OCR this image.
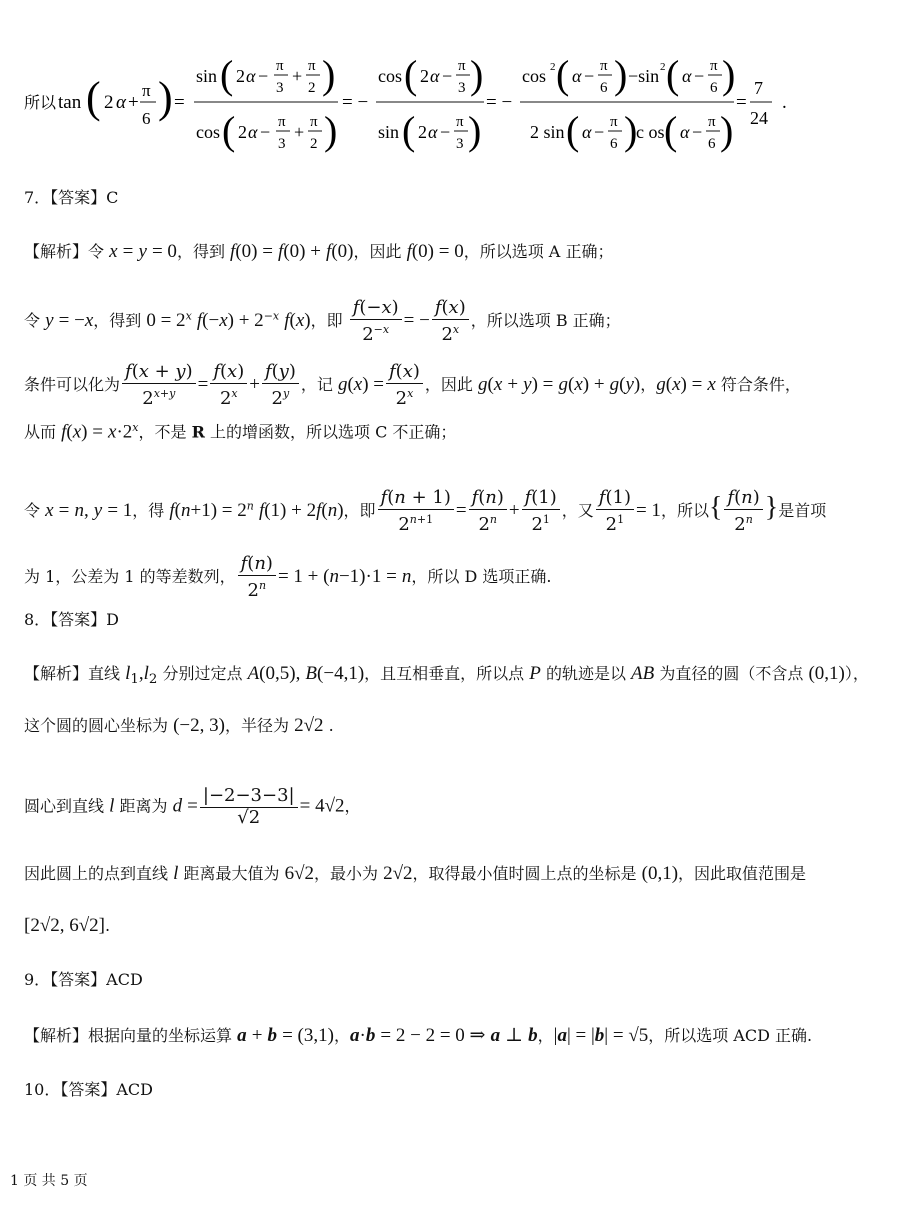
所以 tan ( 2 α +
π
6 ) =
sin ( 2 α − π
3
+ π
2 )
cos ( 2 α − π
3
+ π
2 )
= −
cos ( 2 α − π
3 )
sin ( 2 α − π
3 )
= −
cos 2 ( α − π
6 ) −sin 2 ( α − π
6 )
2 sin ( α − π
6 )
c os ( α − π
6 )
=
7
24
.
7．【答案】C
【解析】令 x = y = 0，得到 f(0) = f(0) + f(0)，因此 f(0) = 0，所以选项 A 正确；
令 y = −x，得到 $0 = 2^x$ $f(-x) + 2^{-x}$ f(x)，即 $\frac{f(-x)}{2^{-x}}$ = − $\frac{f(x)}{2^x}$ ，所以选项 B 正确；
条件可以化为 $\frac{f(x + y)}{2^{x+y}} = \frac{f(x)}{2^x} + \frac{f(y)}{2^y}$ ，记 $g(x) = \frac{f(x)}{2^x}$ ，因此 g(x + y) = g(x) + g(y)，g(x) = x 符合条件，
从而 $f(x) = x\cdot 2^x$，不是 R 上的增函数，所以选项 C 不正确；
令 x = n, y = 1，得 $f(n+1) = 2^n$ f(1) + 2f(n)，即 $\frac{f(n + 1)}{2^{n+1}} = \frac{f(n)}{2^n} + \frac{f(1)}{2^1}$ ，又 $\frac{f(1)}{2^1} = 1$，所以{ $\frac{f(n)}{2^n}$ }是首项
为 1，公差为 1 的等差数列， $\frac{f(n)}{2^n} = 1 + (n-1)\cdot 1 = n$，所以 D 选项正确.
8．【答案】D
【解析】直线 $l_1,l_2$ 分别过定点 A(0,5), B(−4,1)，且互相垂直，所以点 P 的轨迹是以 AB 为直径的圆（不含点 (0,1)），
这个圆的圆心坐标为 (−2, 3)，半径为 2√2 .
圆心到直线 l 距离为 $d = \frac{|-2-3-3|}{√2} = 4√2$，
因此圆上的点到直线 l 距离最大值为 6√2，最小为 2√2，取得最小值时圆上点的坐标是 (0,1)，因此取值范围是
[2√2, 6√2].
9．【答案】ACD
【解析】根据向量的坐标运算 a + b = (3,1)，a·b = 2 − 2 = 0 ⇒ a ⊥ b，|a| = |b| = √5，所以选项 ACD 正确.
10．【答案】ACD
1 页 共 5 页
